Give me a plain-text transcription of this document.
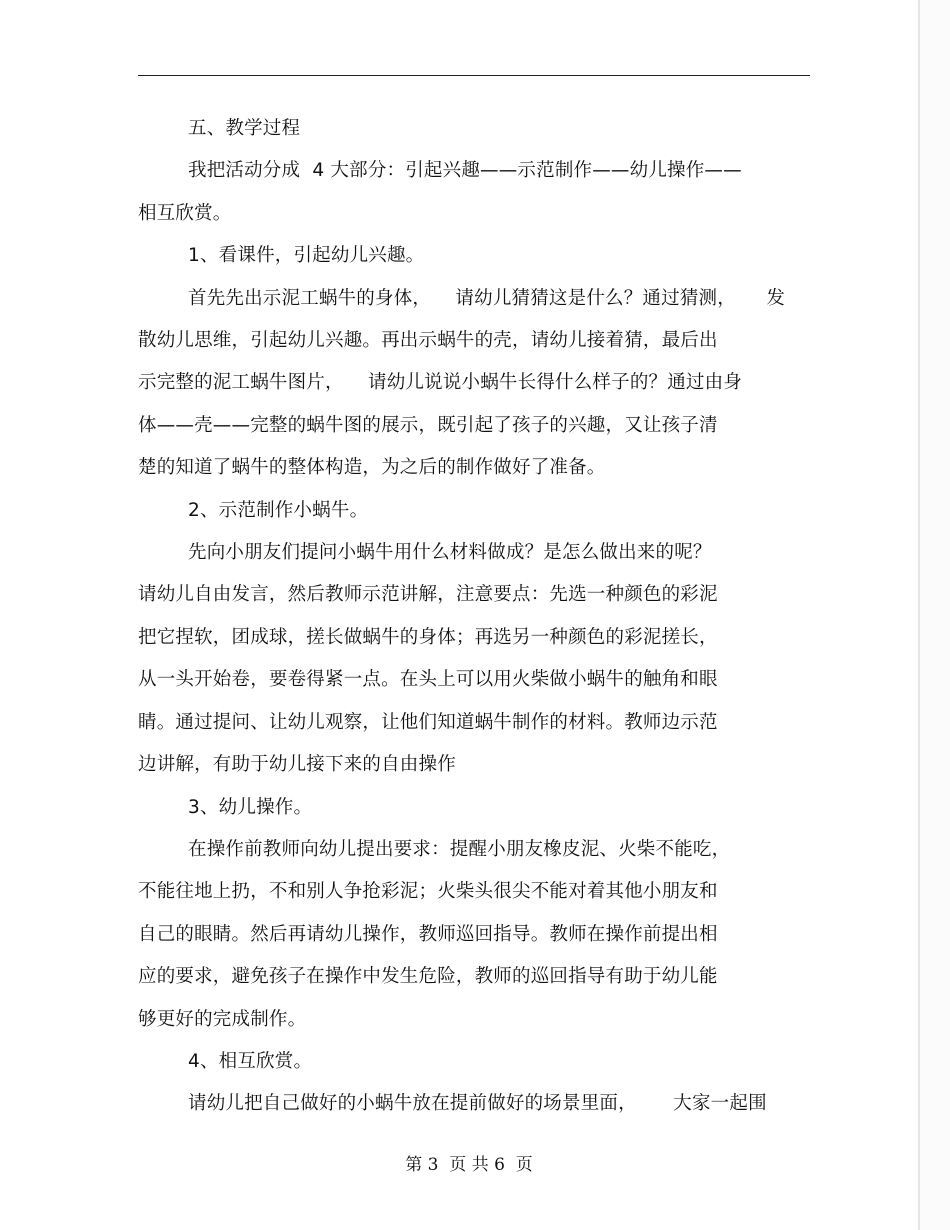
五、教学过程
我把活动分成  4 大部分：引起兴趣——示范制作——幼儿操作——
相互欣赏。
1、看课件，引起幼儿兴趣。
首先先出示泥工蜗牛的身体，    请幼儿猜猜这是什么？通过猜测，     发
散幼儿思维，引起幼儿兴趣。再出示蜗牛的壳，请幼儿接着猜，最后出
示完整的泥工蜗牛图片，    请幼儿说说小蜗牛长得什么样子的？通过由身
体——壳——完整的蜗牛图的展示，既引起了孩子的兴趣，又让孩子清
楚的知道了蜗牛的整体构造，为之后的制作做好了准备。
2、示范制作小蜗牛。
先向小朋友们提问小蜗牛用什么材料做成？是怎么做出来的呢？
请幼儿自由发言，然后教师示范讲解，注意要点：先选一种颜色的彩泥
把它捏软，团成球，搓长做蜗牛的身体；再选另一种颜色的彩泥搓长，
从一头开始卷，要卷得紧一点。在头上可以用火柴做小蜗牛的触角和眼
睛。通过提问、让幼儿观察，让他们知道蜗牛制作的材料。教师边示范
边讲解，有助于幼儿接下来的自由操作
3、幼儿操作。
在操作前教师向幼儿提出要求：提醒小朋友橡皮泥、火柴不能吃，
不能往地上扔，不和别人争抢彩泥；火柴头很尖不能对着其他小朋友和
自己的眼睛。然后再请幼儿操作，教师巡回指导。教师在操作前提出相
应的要求，避免孩子在操作中发生危险，教师的巡回指导有助于幼儿能
够更好的完成制作。
4、相互欣赏。
请幼儿把自己做好的小蜗牛放在提前做好的场景里面，      大家一起围
第 3  页 共 6  页
